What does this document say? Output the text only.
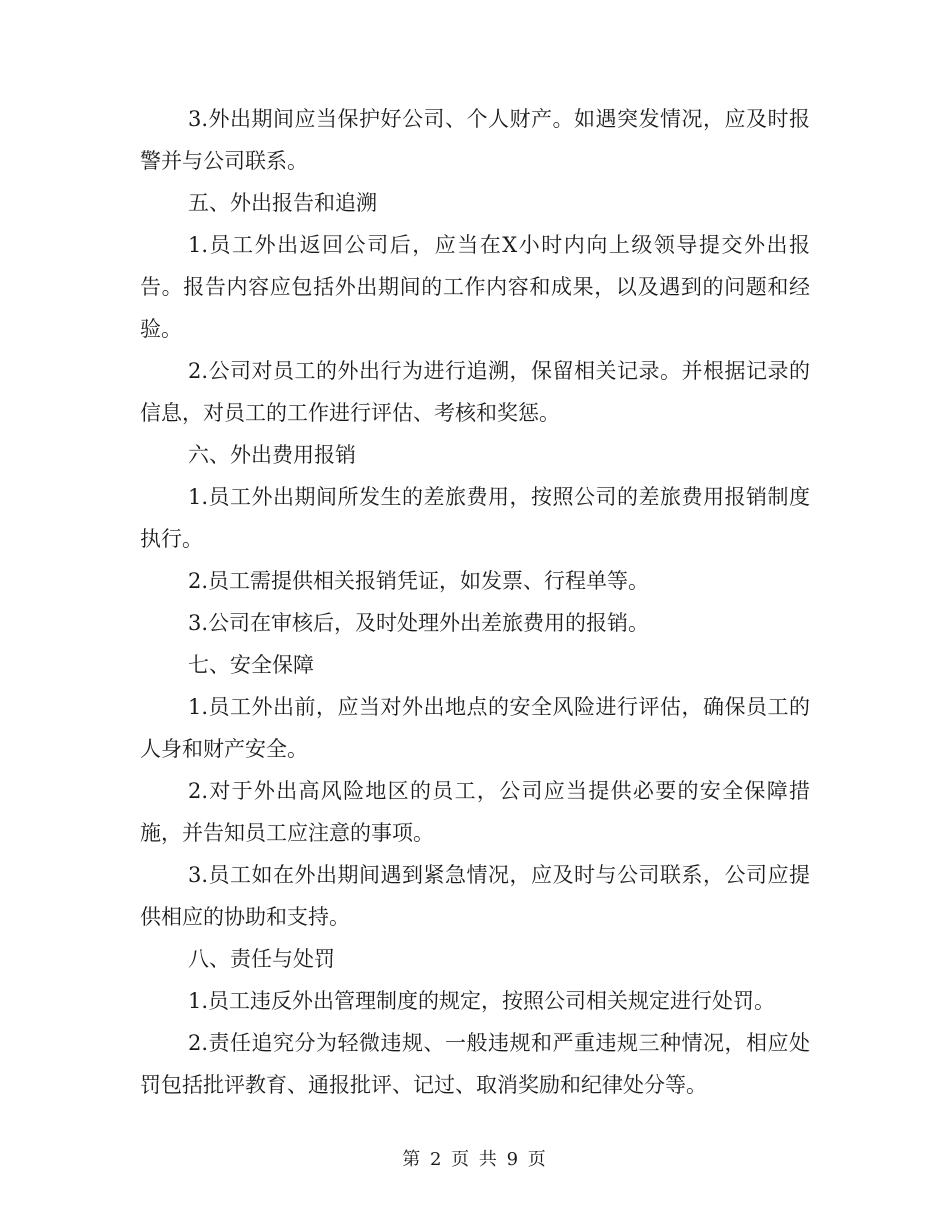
3.外出期间应当保护好公司、个人财产。如遇突发情况，应及时报警并与公司联系。

五、外出报告和追溯

1.员工外出返回公司后，应当在X小时内向上级领导提交外出报告。报告内容应包括外出期间的工作内容和成果，以及遇到的问题和经验。

2.公司对员工的外出行为进行追溯，保留相关记录。并根据记录的信息，对员工的工作进行评估、考核和奖惩。

六、外出费用报销

1.员工外出期间所发生的差旅费用，按照公司的差旅费用报销制度执行。

2.员工需提供相关报销凭证，如发票、行程单等。

3.公司在审核后，及时处理外出差旅费用的报销。

七、安全保障

1.员工外出前，应当对外出地点的安全风险进行评估，确保员工的人身和财产安全。

2.对于外出高风险地区的员工，公司应当提供必要的安全保障措施，并告知员工应注意的事项。

3.员工如在外出期间遇到紧急情况，应及时与公司联系，公司应提供相应的协助和支持。

八、责任与处罚

1.员工违反外出管理制度的规定，按照公司相关规定进行处罚。

2.责任追究分为轻微违规、一般违规和严重违规三种情况，相应处罚包括批评教育、通报批评、记过、取消奖励和纪律处分等。

第 2 页 共 9 页
